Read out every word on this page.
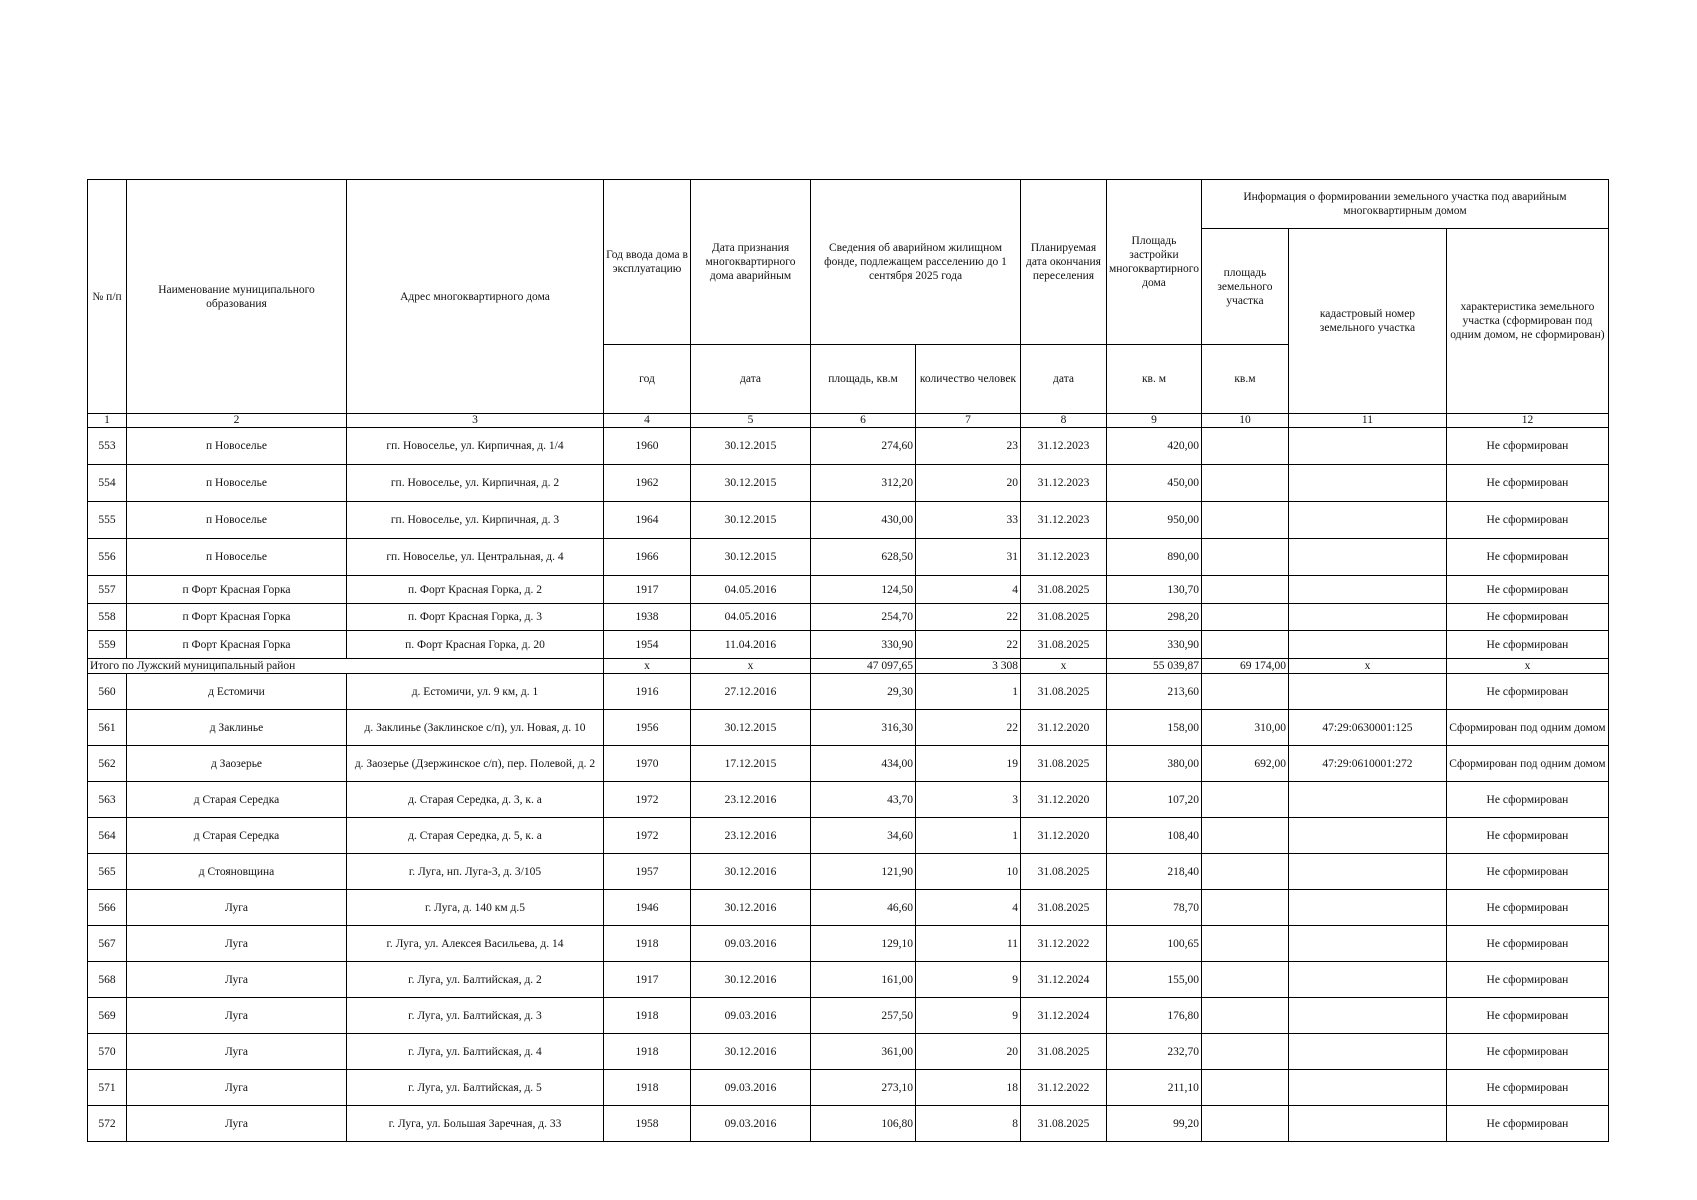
№ п/п	Наименование муниципального образования	Адрес многоквартирного дома	Год ввода дома в эксплуатацию	Дата признания многоквартирного дома аварийным	Сведения об аварийном жилищном фонде, подлежащем расселению до 1 сентября 2025 года		Планируемая дата окончания переселения	Площадь застройки многоквартирного дома	Информация о формировании земельного участка под аварийным многоквартирным домом		
									площадь земельного участка	кадастровый номер земельного участка	характеристика земельного участка (сформирован под одним домом, не сформирован)
			год	дата	площадь, кв.м	количество человек	дата	кв. м	кв.м		
1	2	3	4	5	6	7	8	9	10	11	12
553	п Новоселье	гп. Новоселье, ул. Кирпичная, д. 1/4	1960	30.12.2015	274,60	23	31.12.2023	420,00			Не сформирован
554	п Новоселье	гп. Новоселье, ул. Кирпичная, д. 2	1962	30.12.2015	312,20	20	31.12.2023	450,00			Не сформирован
555	п Новоселье	гп. Новоселье, ул. Кирпичная, д. 3	1964	30.12.2015	430,00	33	31.12.2023	950,00			Не сформирован
556	п Новоселье	гп. Новоселье, ул. Центральная, д. 4	1966	30.12.2015	628,50	31	31.12.2023	890,00			Не сформирован
557	п Форт Красная Горка	п. Форт Красная Горка, д. 2	1917	04.05.2016	124,50	4	31.08.2025	130,70			Не сформирован
558	п Форт Красная Горка	п. Форт Красная Горка, д. 3	1938	04.05.2016	254,70	22	31.08.2025	298,20			Не сформирован
559	п Форт Красная Горка	п. Форт Красная Горка, д. 20	1954	11.04.2016	330,90	22	31.08.2025	330,90			Не сформирован
Итого по Лужский муниципальный район			x	x	47 097,65	3 308	x	55 039,87	69 174,00	x	x
560	д Естомичи	д. Естомичи, ул. 9 км, д. 1	1916	27.12.2016	29,30	1	31.08.2025	213,60			Не сформирован
561	д Заклинье	д. Заклинье (Заклинское с/п), ул. Новая, д. 10	1956	30.12.2015	316,30	22	31.12.2020	158,00	310,00	47:29:0630001:125	Сформирован под одним домом
562	д Заозерье	д. Заозерье (Дзержинское с/п), пер. Полевой, д. 2	1970	17.12.2015	434,00	19	31.08.2025	380,00	692,00	47:29:0610001:272	Сформирован под одним домом
563	д Старая Середка	д. Старая Середка, д. 3, к. а	1972	23.12.2016	43,70	3	31.12.2020	107,20			Не сформирован
564	д Старая Середка	д. Старая Середка, д. 5, к. а	1972	23.12.2016	34,60	1	31.12.2020	108,40			Не сформирован
565	д Стояновщина	г. Луга, нп. Луга-3, д. 3/105	1957	30.12.2016	121,90	10	31.08.2025	218,40			Не сформирован
566	Луга	г. Луга, д. 140 км д.5	1946	30.12.2016	46,60	4	31.08.2025	78,70			Не сформирован
567	Луга	г. Луга, ул. Алексея Васильева, д. 14	1918	09.03.2016	129,10	11	31.12.2022	100,65			Не сформирован
568	Луга	г. Луга, ул. Балтийская, д. 2	1917	30.12.2016	161,00	9	31.12.2024	155,00			Не сформирован
569	Луга	г. Луга, ул. Балтийская, д. 3	1918	09.03.2016	257,50	9	31.12.2024	176,80			Не сформирован
570	Луга	г. Луга, ул. Балтийская, д. 4	1918	30.12.2016	361,00	20	31.08.2025	232,70			Не сформирован
571	Луга	г. Луга, ул. Балтийская, д. 5	1918	09.03.2016	273,10	18	31.12.2022	211,10			Не сформирован
572	Луга	г. Луга, ул. Большая Заречная, д. 33	1958	09.03.2016	106,80	8	31.08.2025	99,20			Не сформирован
